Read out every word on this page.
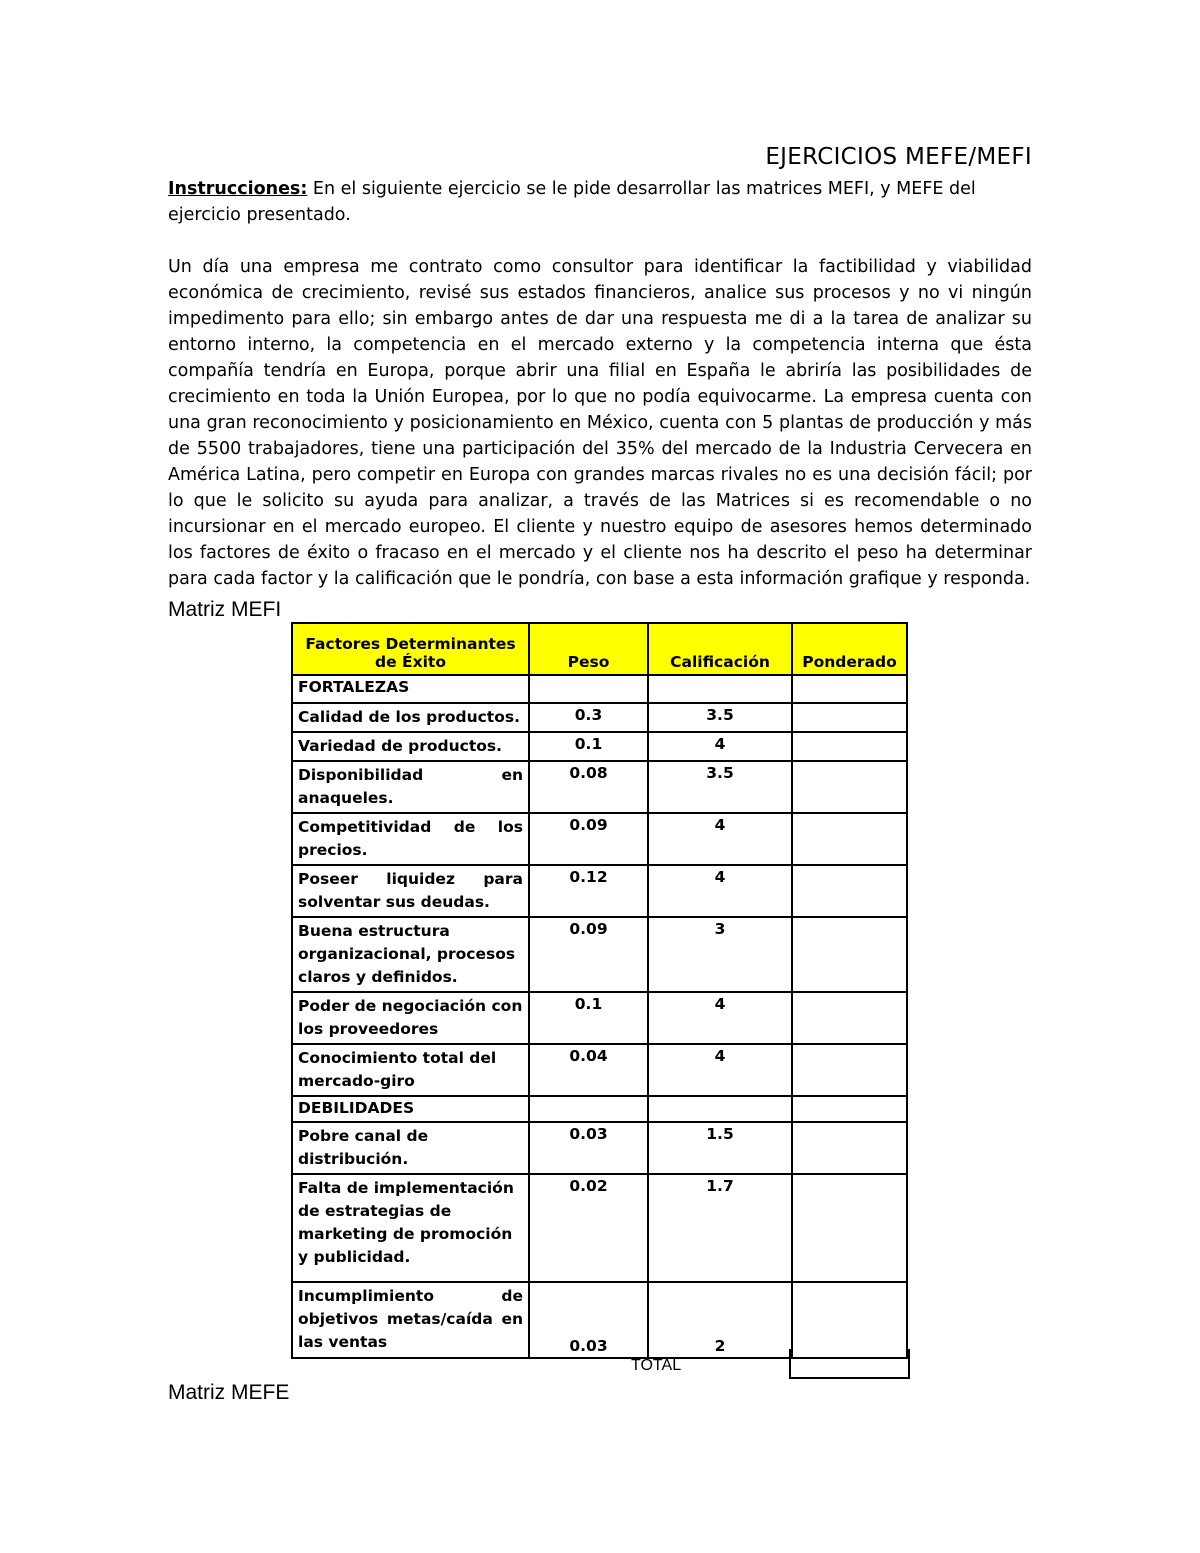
EJERCICIOS MEFE/MEFI
Instrucciones: En el siguiente ejercicio se le pide desarrollar las matrices MEFI, y MEFE del ejercicio presentado.
Un día una empresa me contrato como consultor para identificar la factibilidad y viabilidad económica de crecimiento, revisé sus estados financieros, analice sus procesos y no vi ningún impedimento para ello; sin embargo antes de dar una respuesta me di a la tarea de analizar su entorno interno, la competencia en el mercado externo y la competencia interna que ésta compañía tendría en Europa, porque abrir una filial en España le abriría las posibilidades de crecimiento en toda la Unión Europea, por lo que no podía equivocarme. La empresa cuenta con una gran reconocimiento y posicionamiento en México, cuenta con 5 plantas de producción y más de 5500 trabajadores, tiene una participación del 35% del mercado de la Industria Cervecera en América Latina, pero competir en Europa con grandes marcas rivales no es una decisión fácil; por lo que le solicito su ayuda para analizar, a través de las Matrices si es recomendable o no incursionar en el mercado europeo. El cliente y nuestro equipo de asesores hemos determinado los factores de éxito o fracaso en el mercado y el cliente nos ha descrito el peso ha determinar para cada factor y la calificación que le pondría, con base a esta información grafique y responda.
Matriz MEFI
Factores Determinantes de Éxito	Peso	Calificación	Ponderado
FORTALEZAS			
Calidad de los productos.	0.3	3.5	
Variedad de productos.	0.1	4	
Disponibilidad en anaqueles.	0.08	3.5	
Competitividad de los precios.	0.09	4	
Poseer liquidez para solventar sus deudas.	0.12	4	
Buena estructura organizacional, procesos claros y definidos.	0.09	3	
Poder de negociación con los proveedores	0.1	4	
Conocimiento total del mercado-giro	0.04	4	
DEBILIDADES			
Pobre canal de distribución.	0.03	1.5	
Falta de implementación de estrategias de marketing de promoción y publicidad.	0.02	1.7	
Incumplimiento de objetivos metas/caída en las ventas	0.03	2	
TOTAL
Matriz MEFE
